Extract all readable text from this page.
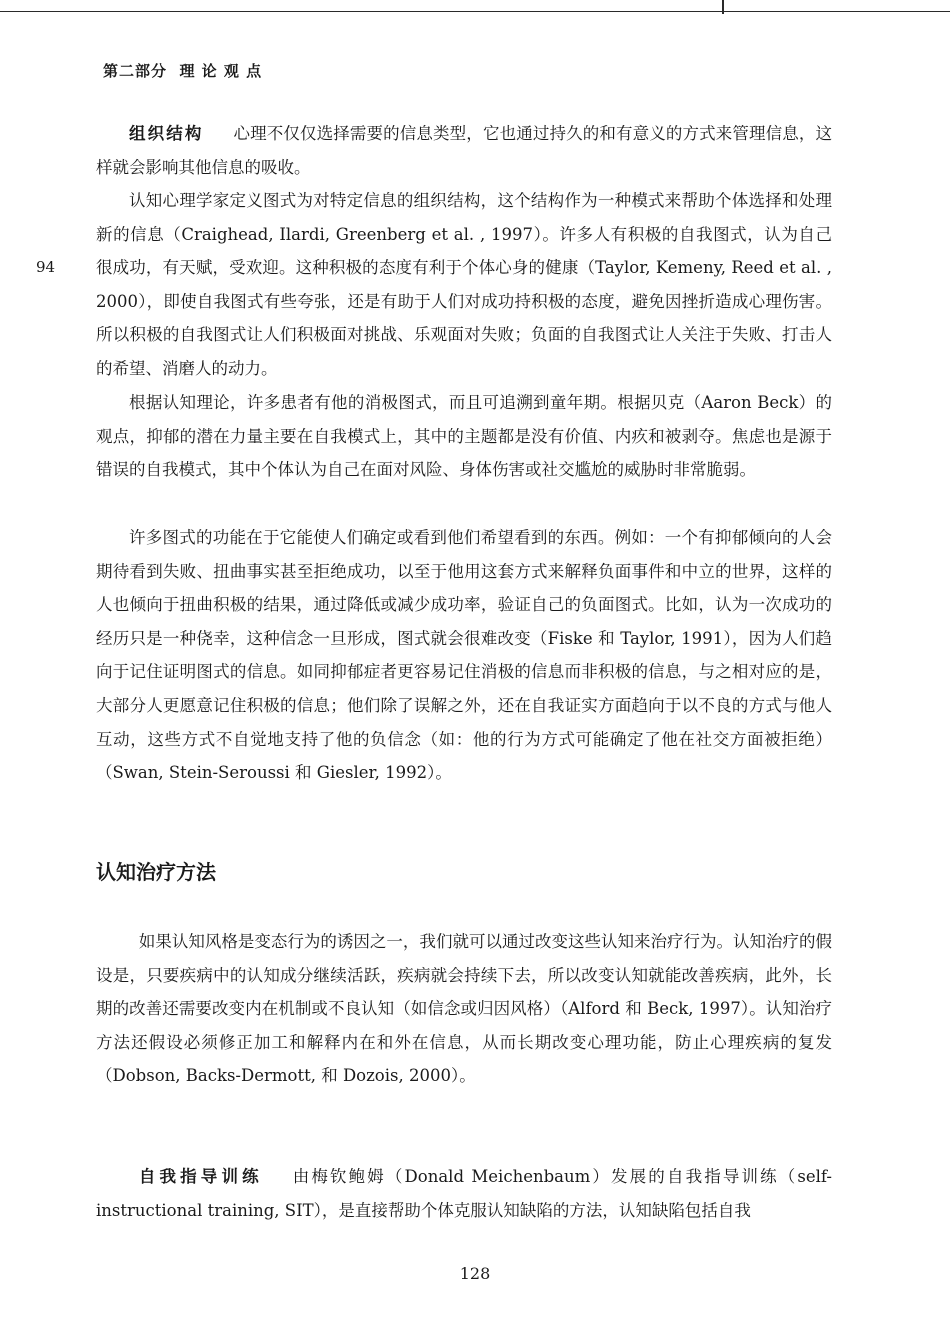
第二部分  理 论 观 点
94

组织结构 心理不仅仅选择需要的信息类型，它也通过持久的和有意义的方式来管理信息，这样就会影响其他信息的吸收。

认知心理学家定义图式为对特定信息的组织结构，这个结构作为一种模式来帮助个体选择和处理新的信息（Craighead, Ilardi, Greenberg et al. , 1997）。许多人有积极的自我图式，认为自己很成功，有天赋，受欢迎。这种积极的态度有利于个体心身的健康（Taylor, Kemeny, Reed et al. , 2000），即使自我图式有些夸张，还是有助于人们对成功持积极的态度，避免因挫折造成心理伤害。所以积极的自我图式让人们积极面对挑战、乐观面对失败；负面的自我图式让人关注于失败、打击人的希望、消磨人的动力。

根据认知理论，许多患者有他的消极图式，而且可追溯到童年期。根据贝克（Aaron Beck）的观点，抑郁的潜在力量主要在自我模式上，其中的主题都是没有价值、内疚和被剥夺。焦虑也是源于错误的自我模式，其中个体认为自己在面对风险、身体伤害或社交尴尬的威胁时非常脆弱。

许多图式的功能在于它能使人们确定或看到他们希望看到的东西。例如：一个有抑郁倾向的人会期待看到失败、扭曲事实甚至拒绝成功，以至于他用这套方式来解释负面事件和中立的世界，这样的人也倾向于扭曲积极的结果，通过降低或减少成功率，验证自己的负面图式。比如，认为一次成功的经历只是一种侥幸，这种信念一旦形成，图式就会很难改变（Fiske 和 Taylor, 1991），因为人们趋向于记住证明图式的信息。如同抑郁症者更容易记住消极的信息而非积极的信息，与之相对应的是，大部分人更愿意记住积极的信息；他们除了误解之外，还在自我证实方面趋向于以不良的方式与他人互动，这些方式不自觉地支持了他的负信念（如：他的行为方式可能确定了他在社交方面被拒绝）（Swan, Stein-Seroussi 和 Giesler, 1992）。

认知治疗方法

如果认知风格是变态行为的诱因之一，我们就可以通过改变这些认知来治疗行为。认知治疗的假设是，只要疾病中的认知成分继续活跃，疾病就会持续下去，所以改变认知就能改善疾病，此外，长期的改善还需要改变内在机制或不良认知（如信念或归因风格）（Alford 和 Beck, 1997）。认知治疗方法还假设必须修正加工和解释内在和外在信息，从而长期改变心理功能，防止心理疾病的复发（Dobson, Backs-Dermott, 和 Dozois, 2000）。

自我指导训练 由梅钦鲍姆（Donald Meichenbaum）发展的自我指导训练（self-instructional training, SIT），是直接帮助个体克服认知缺陷的方法，认知缺陷包括自我

128
